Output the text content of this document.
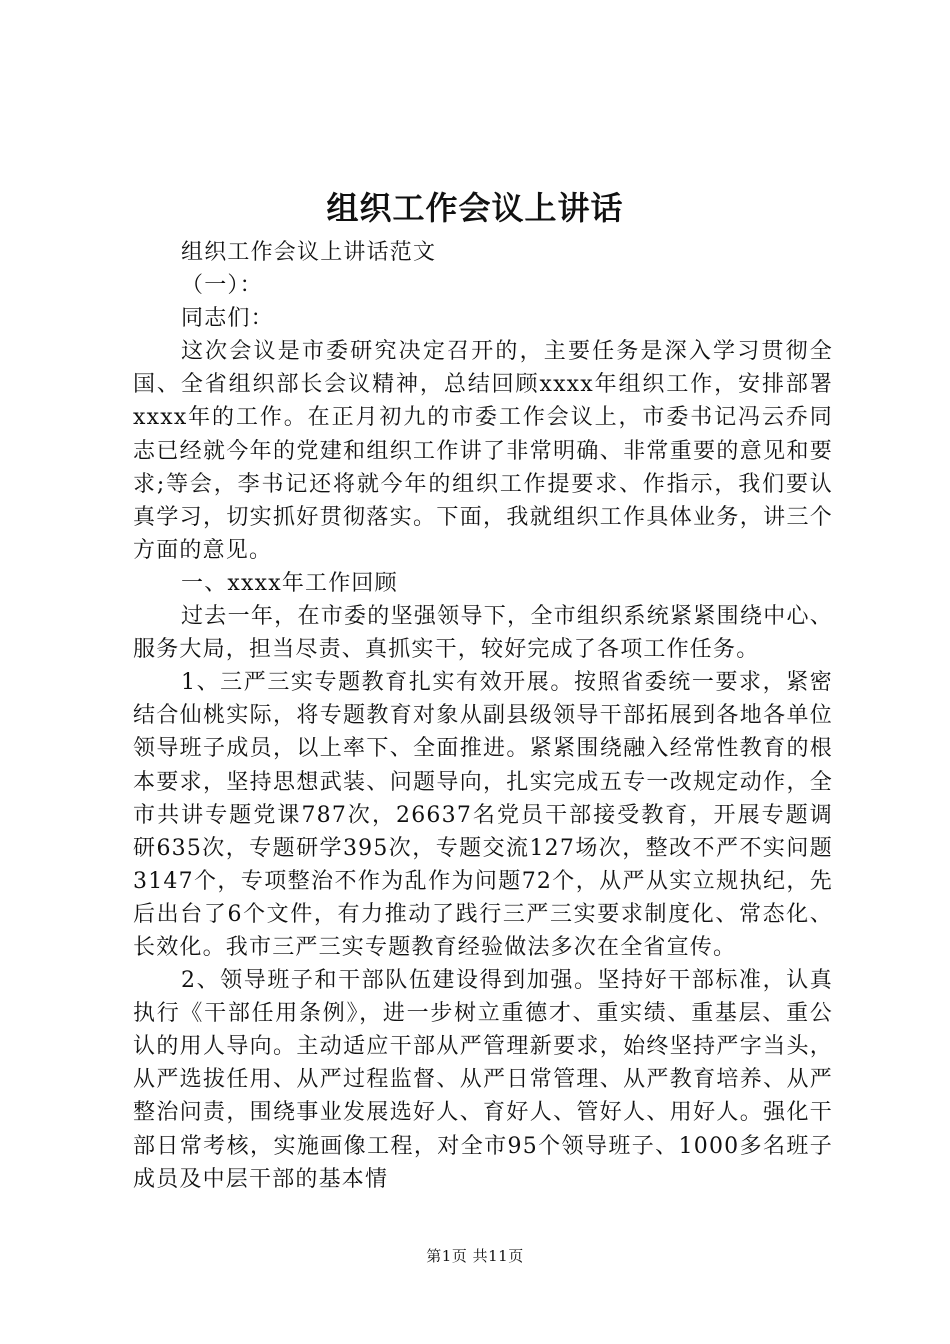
组织工作会议上讲话

组织工作会议上讲话范文

（一）：

同志们：

这次会议是市委研究决定召开的，主要任务是深入学习贯彻全国、全省组织部长会议精神，总结回顾xxxx年组织工作，安排部署xxxx年的工作。在正月初九的市委工作会议上，市委书记冯云乔同志已经就今年的党建和组织工作讲了非常明确、非常重要的意见和要求;等会，李书记还将就今年的组织工作提要求、作指示，我们要认真学习，切实抓好贯彻落实。下面，我就组织工作具体业务，讲三个方面的意见。

一、xxxx年工作回顾

过去一年，在市委的坚强领导下，全市组织系统紧紧围绕中心、服务大局，担当尽责、真抓实干，较好完成了各项工作任务。

1、三严三实专题教育扎实有效开展。按照省委统一要求，紧密结合仙桃实际，将专题教育对象从副县级领导干部拓展到各地各单位领导班子成员，以上率下、全面推进。紧紧围绕融入经常性教育的根本要求，坚持思想武装、问题导向，扎实完成五专一改规定动作，全市共讲专题党课787次，26637名党员干部接受教育，开展专题调研635次，专题研学395次，专题交流127场次，整改不严不实问题3147个，专项整治不作为乱作为问题72个，从严从实立规执纪，先后出台了6个文件，有力推动了践行三严三实要求制度化、常态化、长效化。我市三严三实专题教育经验做法多次在全省宣传。

2、领导班子和干部队伍建设得到加强。坚持好干部标准，认真执行《干部任用条例》，进一步树立重德才、重实绩、重基层、重公认的用人导向。主动适应干部从严管理新要求，始终坚持严字当头，从严选拔任用、从严过程监督、从严日常管理、从严教育培养、从严整治问责，围绕事业发展选好人、育好人、管好人、用好人。强化干部日常考核，实施画像工程，对全市95个领导班子、1000多名班子成员及中层干部的基本情

第1页 共11页
